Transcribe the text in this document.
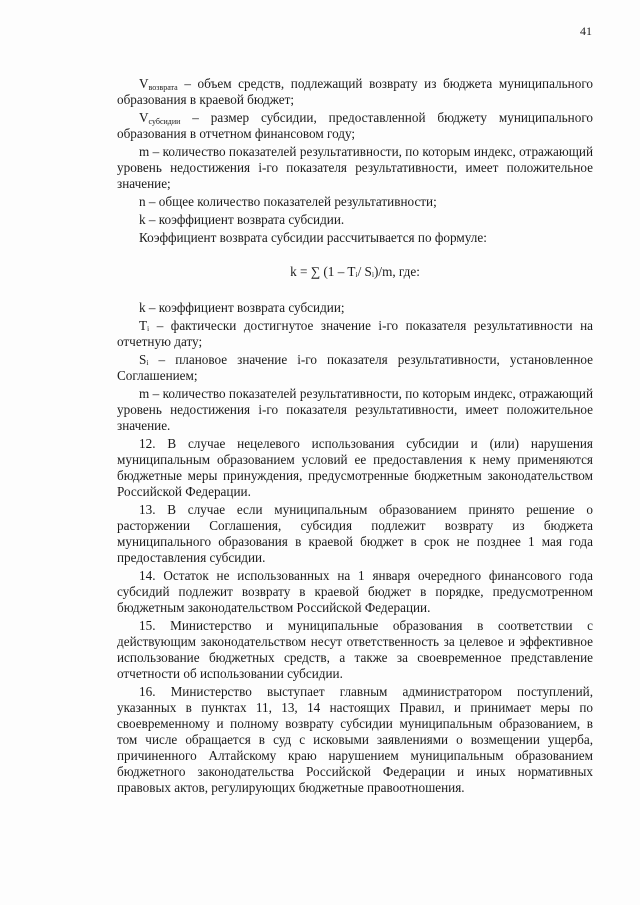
41

$V_{возврата}$ – объем средств, подлежащий возврату из бюджета муниципального образования в краевой бюджет;

$V_{субсидии}$ – размер субсидии, предоставленной бюджету муниципального образования в отчетном финансовом году;

m – количество показателей результативности, по которым индекс, отражающий уровень недостижения i-го показателя результативности, имеет положительное значение;

n – общее количество показателей результативности;

k – коэффициент возврата субсидии.

Коэффициент возврата субсидии рассчитывается по формуле:

k = ∑ (1 – Tᵢ/ Sᵢ)/m, где:

k – коэффициент возврата субсидии;

Tᵢ – фактически достигнутое значение i-го показателя результативности на отчетную дату;

Sᵢ – плановое значение i-го показателя результативности, установленное Соглашением;

m – количество показателей результативности, по которым индекс, отражающий уровень недостижения i-го показателя результативности, имеет положительное значение.

12. В случае нецелевого использования субсидии и (или) нарушения муниципальным образованием условий ее предоставления к нему применяются бюджетные меры принуждения, предусмотренные бюджетным законодательством Российской Федерации.

13. В случае если муниципальным образованием принято решение о расторжении Соглашения, субсидия подлежит возврату из бюджета муниципального образования в краевой бюджет в срок не позднее 1 мая года предоставления субсидии.

14. Остаток не использованных на 1 января очередного финансового года субсидий подлежит возврату в краевой бюджет в порядке, предусмотренном бюджетным законодательством Российской Федерации.

15. Министерство и муниципальные образования в соответствии с действующим законодательством несут ответственность за целевое и эффективное использование бюджетных средств, а также за своевременное представление отчетности об использовании субсидии.

16. Министерство выступает главным администратором поступлений, указанных в пунктах 11, 13, 14 настоящих Правил, и принимает меры по своевременному и полному возврату субсидии муниципальным образованием, в том числе обращается в суд с исковыми заявлениями о возмещении ущерба, причиненного Алтайскому краю нарушением муниципальным образованием бюджетного законодательства Российской Федерации и иных нормативных правовых актов, регулирующих бюджетные правоотношения.
